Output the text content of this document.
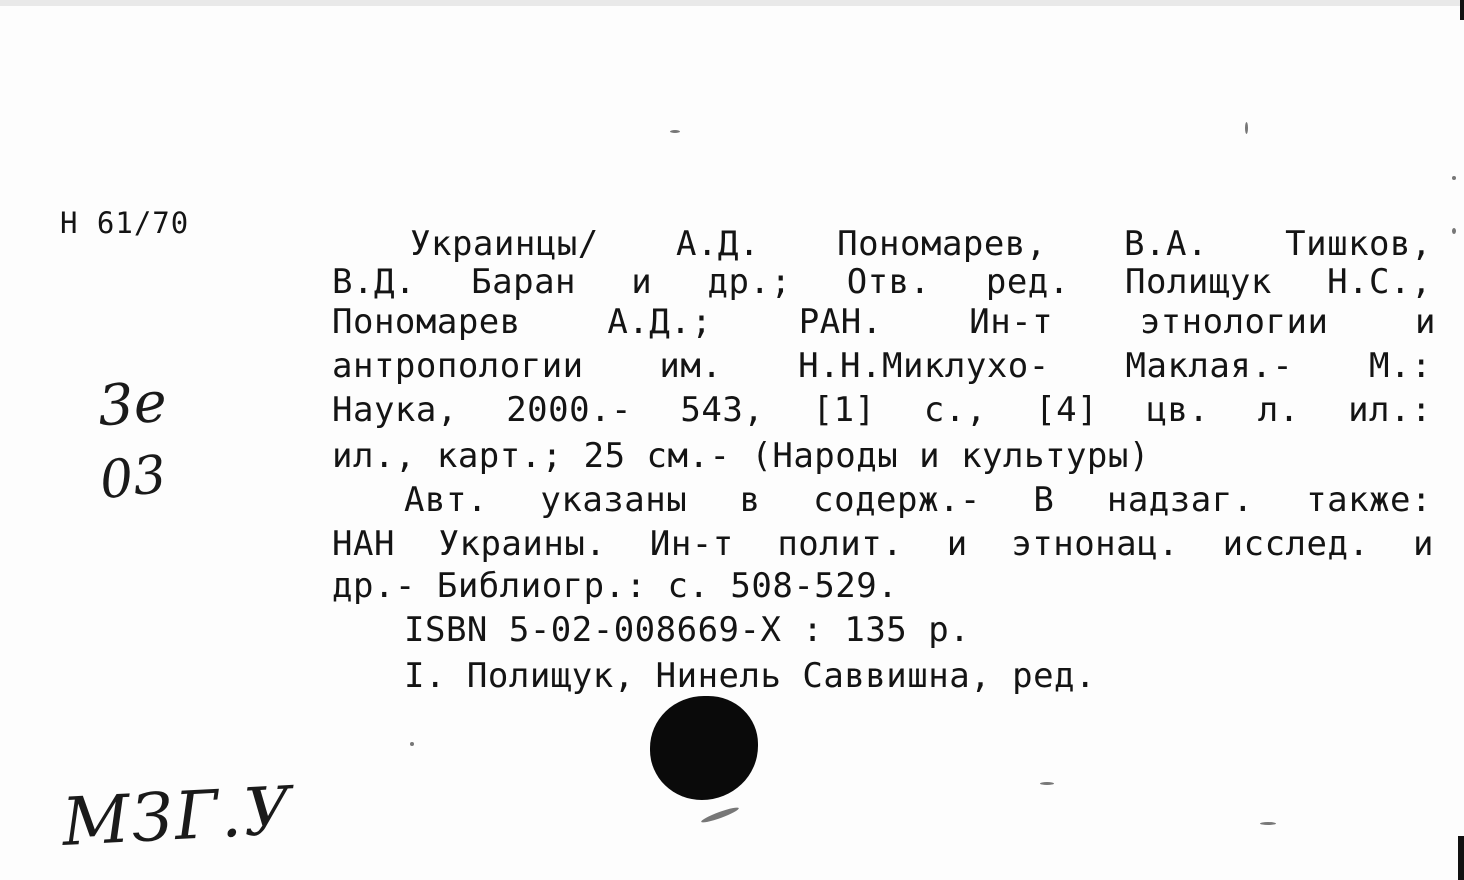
Н 61/70
3e
03
МЗГ.У
Украинцы/ А.Д. Пономарев, В.А. Тишков,
В.Д. Баран и др.; Отв. ред. Полищук Н.С.,
Пономарев	А.Д.;	РАН.	Ин-т	этнологии	и
антропологии им. Н.Н.Миклухо- Маклая.- М.:
Наука, 2000.- 543, [1] с., [4] цв. л. ил.:
ил., карт.; 25 см.- (Народы и культуры)
Авт. указаны в содерж.- В надзаг. также:
НАН Украины. Ин-т полит. и этнонац. исслед. и
др.- Библиогр.: с. 508-529.
ISBN 5-02-008669-X : 135 р.
I. Полищук, Нинель Саввишна, ред.
